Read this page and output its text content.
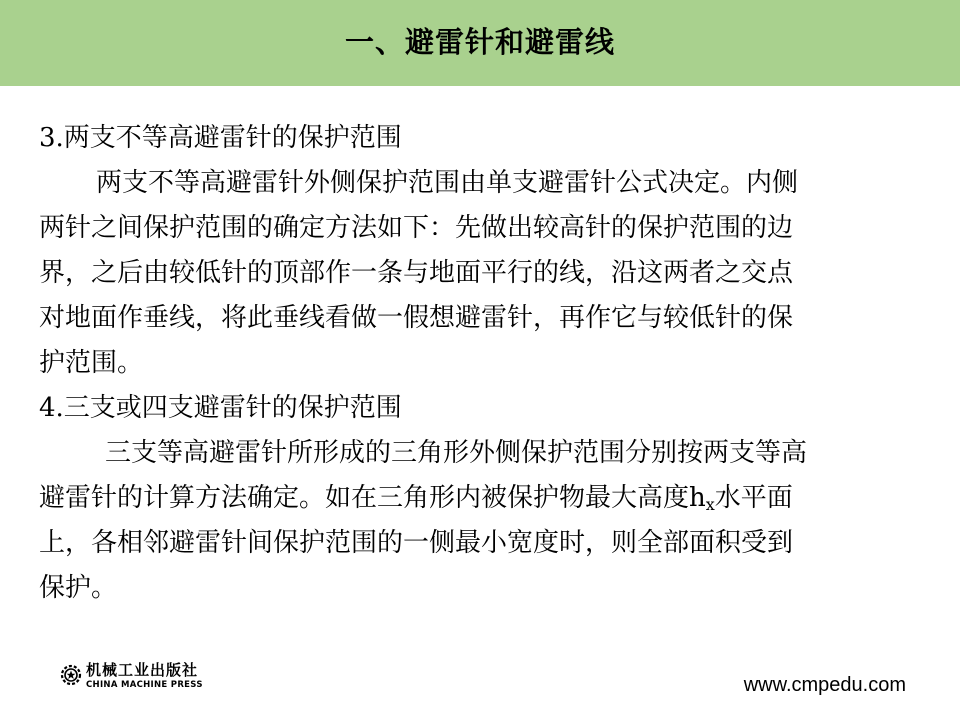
一、避雷针和避雷线
3.两支不等高避雷针的保护范围
两支不等高避雷针外侧保护范围由单支避雷针公式决定。内侧
两针之间保护范围的确定方法如下：先做出较高针的保护范围的边
界，之后由较低针的顶部作一条与地面平行的线，沿这两者之交点
对地面作垂线，将此垂线看做一假想避雷针，再作它与较低针的保
护范围。
4.三支或四支避雷针的保护范围
三支等高避雷针所形成的三角形外侧保护范围分别按两支等高
避雷针的计算方法确定。如在三角形内被保护物最大高度$h_x$水平面
上，各相邻避雷针间保护范围的一侧最小宽度时，则全部面积受到
保护。
机械工业出版社
CHINA MACHINE PRESS	www.cmpedu.com
